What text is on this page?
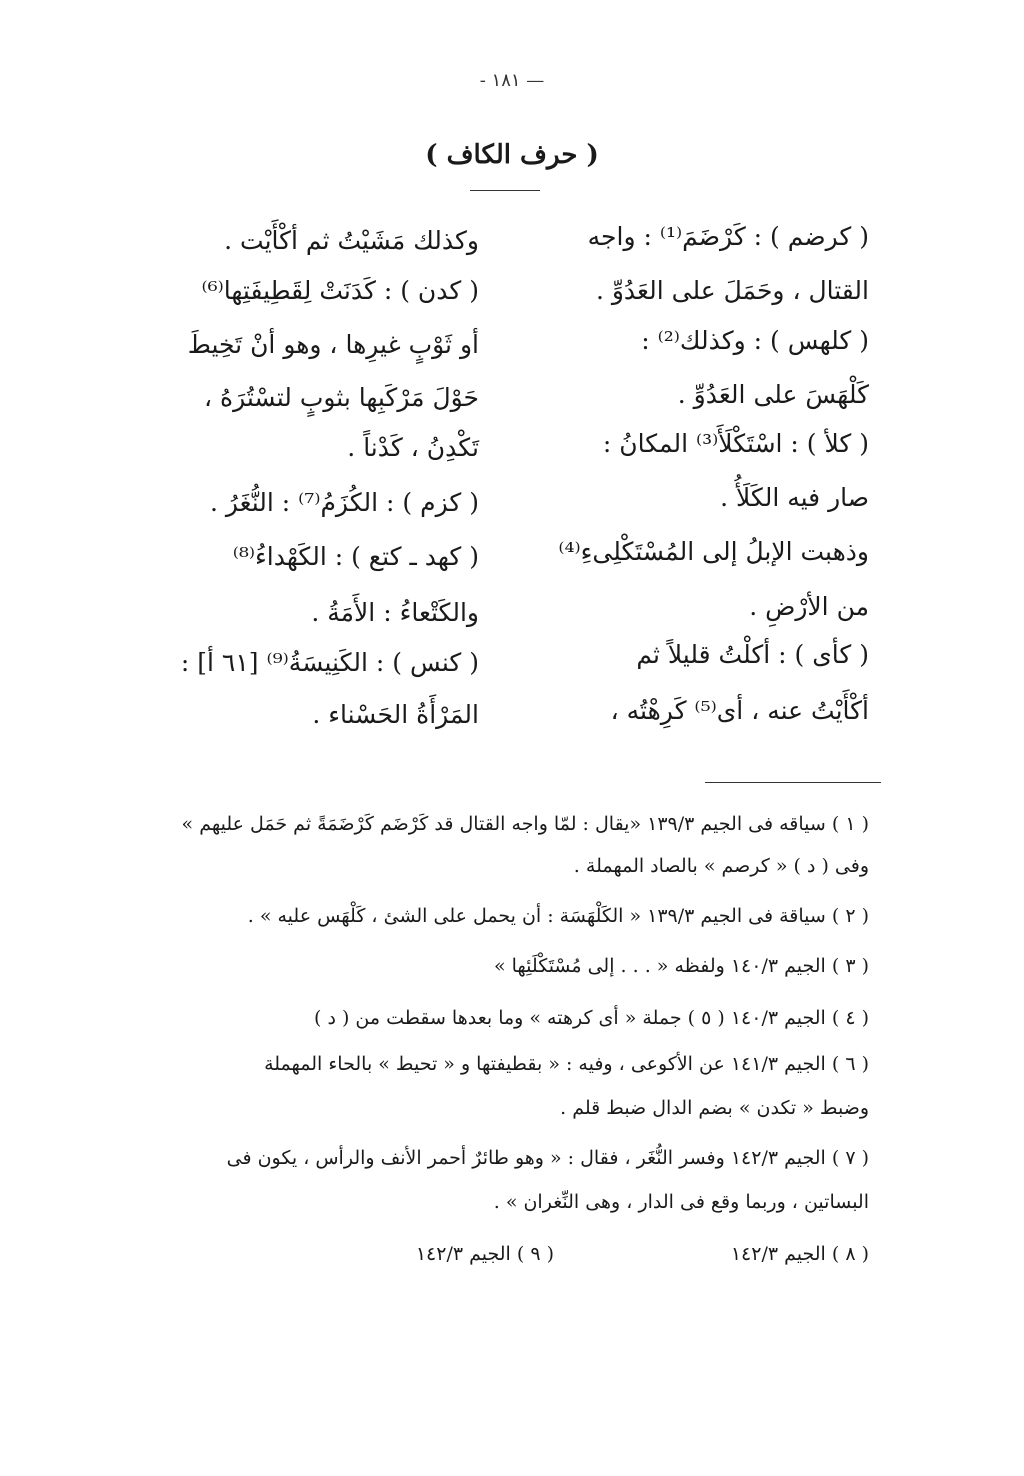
- ١٨١ —
( حرف الكاف )
( كرضم ) : كَرْضَمَ⁽¹⁾ : واجه
القتال ، وحَمَلَ على العَدُوِّ .
( كلهس ) : وكذلك⁽²⁾ :
كَلْهَسَ على العَدُوِّ .
( كلأ ) : اسْتَكْلَأَ⁽³⁾ المكانُ :
صار فيه الكَلَأُ .
وذهبت الإبلُ إلى المُسْتَكْلِىءِ⁽⁴⁾
من الأرْضِ .
( كأى ) : أكلْتُ قليلاً ثم
أكْأَيْتُ عنه ، أى⁽⁵⁾ كَرِهْتُه ،
وكذلك مَشَيْتُ ثم أكْأَيْت .
( كدن ) : كَدَنَتْ لِقَطِيفَتِها⁽⁶⁾
أو ثَوْبٍ غيرِها ، وهو أنْ تَخِيطَ
حَوْلَ مَرْكَبِها بثوبٍ لتسْتُرَهُ ،
تَكْدِنُ ، كَدْناً .
( كزم ) : الكُزَمُ⁽⁷⁾ : النُّغَرُ .
( كهد ـ كتع ) : الكَهْداءُ⁽⁸⁾
والكَتْعاءُ : الأَمَةُ .
( كنس ) : الكَنِيسَةُ⁽⁹⁾ [٦١ أ] :
المَرْأَةُ الحَسْناء .
( ١ ) سياقه فى الجيم ١٣٩/٣ «يقال : لمّا واجه القتال قد كَرْضَم كَرْضَمَةً ثم حَمَل عليهم »
وفى ( د ) « كرصم » بالصاد المهملة .
( ٢ ) سياقة فى الجيم ١٣٩/٣ « الكَلْهَسَة : أن يحمل على الشئ ، كَلْهَس عليه » .
( ٣ ) الجيم ١٤٠/٣ ولفظه « . . . إلى مُسْتَكْلَئِها »
( ٤ ) الجيم ١٤٠/٣ ( ٥ ) جملة « أى كرهته » وما بعدها سقطت من ( د )
( ٦ ) الجيم ١٤١/٣ عن الأكوعى ، وفيه : « بقطيفتها و « تحيط » بالحاء المهملة
وضبط « تكدن » بضم الدال ضبط قلم .
( ٧ ) الجيم ١٤٢/٣ وفسر النُّغَر ، فقال : « وهو طائرٌ أحمر الأنف والرأس ، يكون فى
البساتين ، وربما وقع فى الدار ، وهى النِّغران » .
( ٨ ) الجيم ١٤٢/٣
( ٩ ) الجيم ١٤٢/٣
